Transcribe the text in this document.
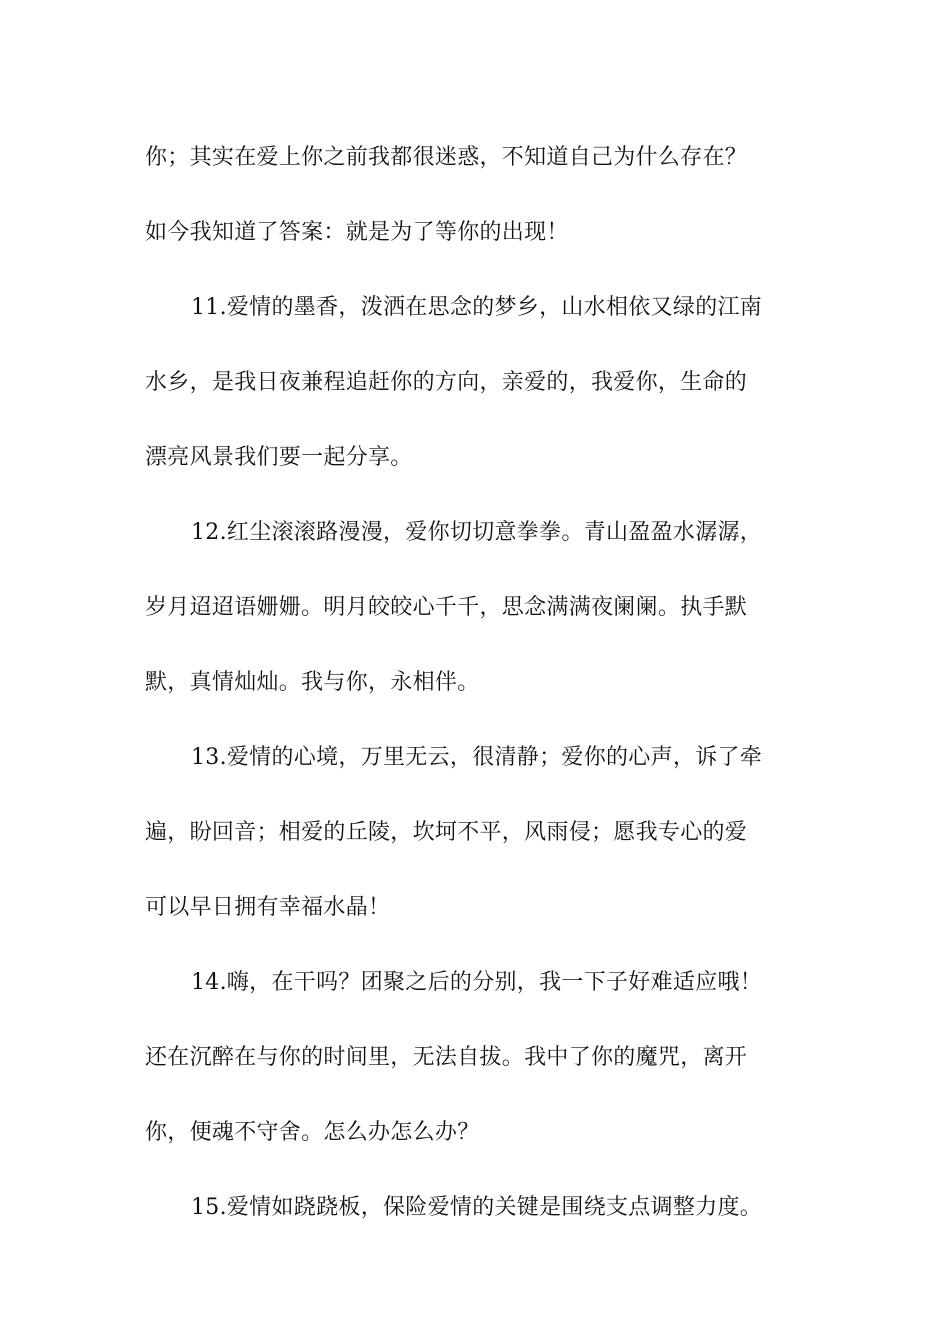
你；其实在爱上你之前我都很迷惑，不知道自己为什么存在？
如今我知道了答案：就是为了等你的出现！
11.爱情的墨香，泼洒在思念的梦乡，山水相依又绿的江南
水乡，是我日夜兼程追赶你的方向，亲爱的，我爱你，生命的
漂亮风景我们要一起分享。
12.红尘滚滚路漫漫，爱你切切意拳拳。青山盈盈水潺潺，
岁月迢迢语姗姗。明月皎皎心千千，思念满满夜阑阑。执手默
默，真情灿灿。我与你，永相伴。
13.爱情的心境，万里无云，很清静；爱你的心声，诉了牵
遍，盼回音；相爱的丘陵，坎坷不平，风雨侵；愿我专心的爱
可以早日拥有幸福水晶！
14.嗨，在干吗？团聚之后的分别，我一下子好难适应哦！
还在沉醉在与你的时间里，无法自拔。我中了你的魔咒，离开
你，便魂不守舍。怎么办怎么办？
15.爱情如跷跷板，保险爱情的关键是围绕支点调整力度。
